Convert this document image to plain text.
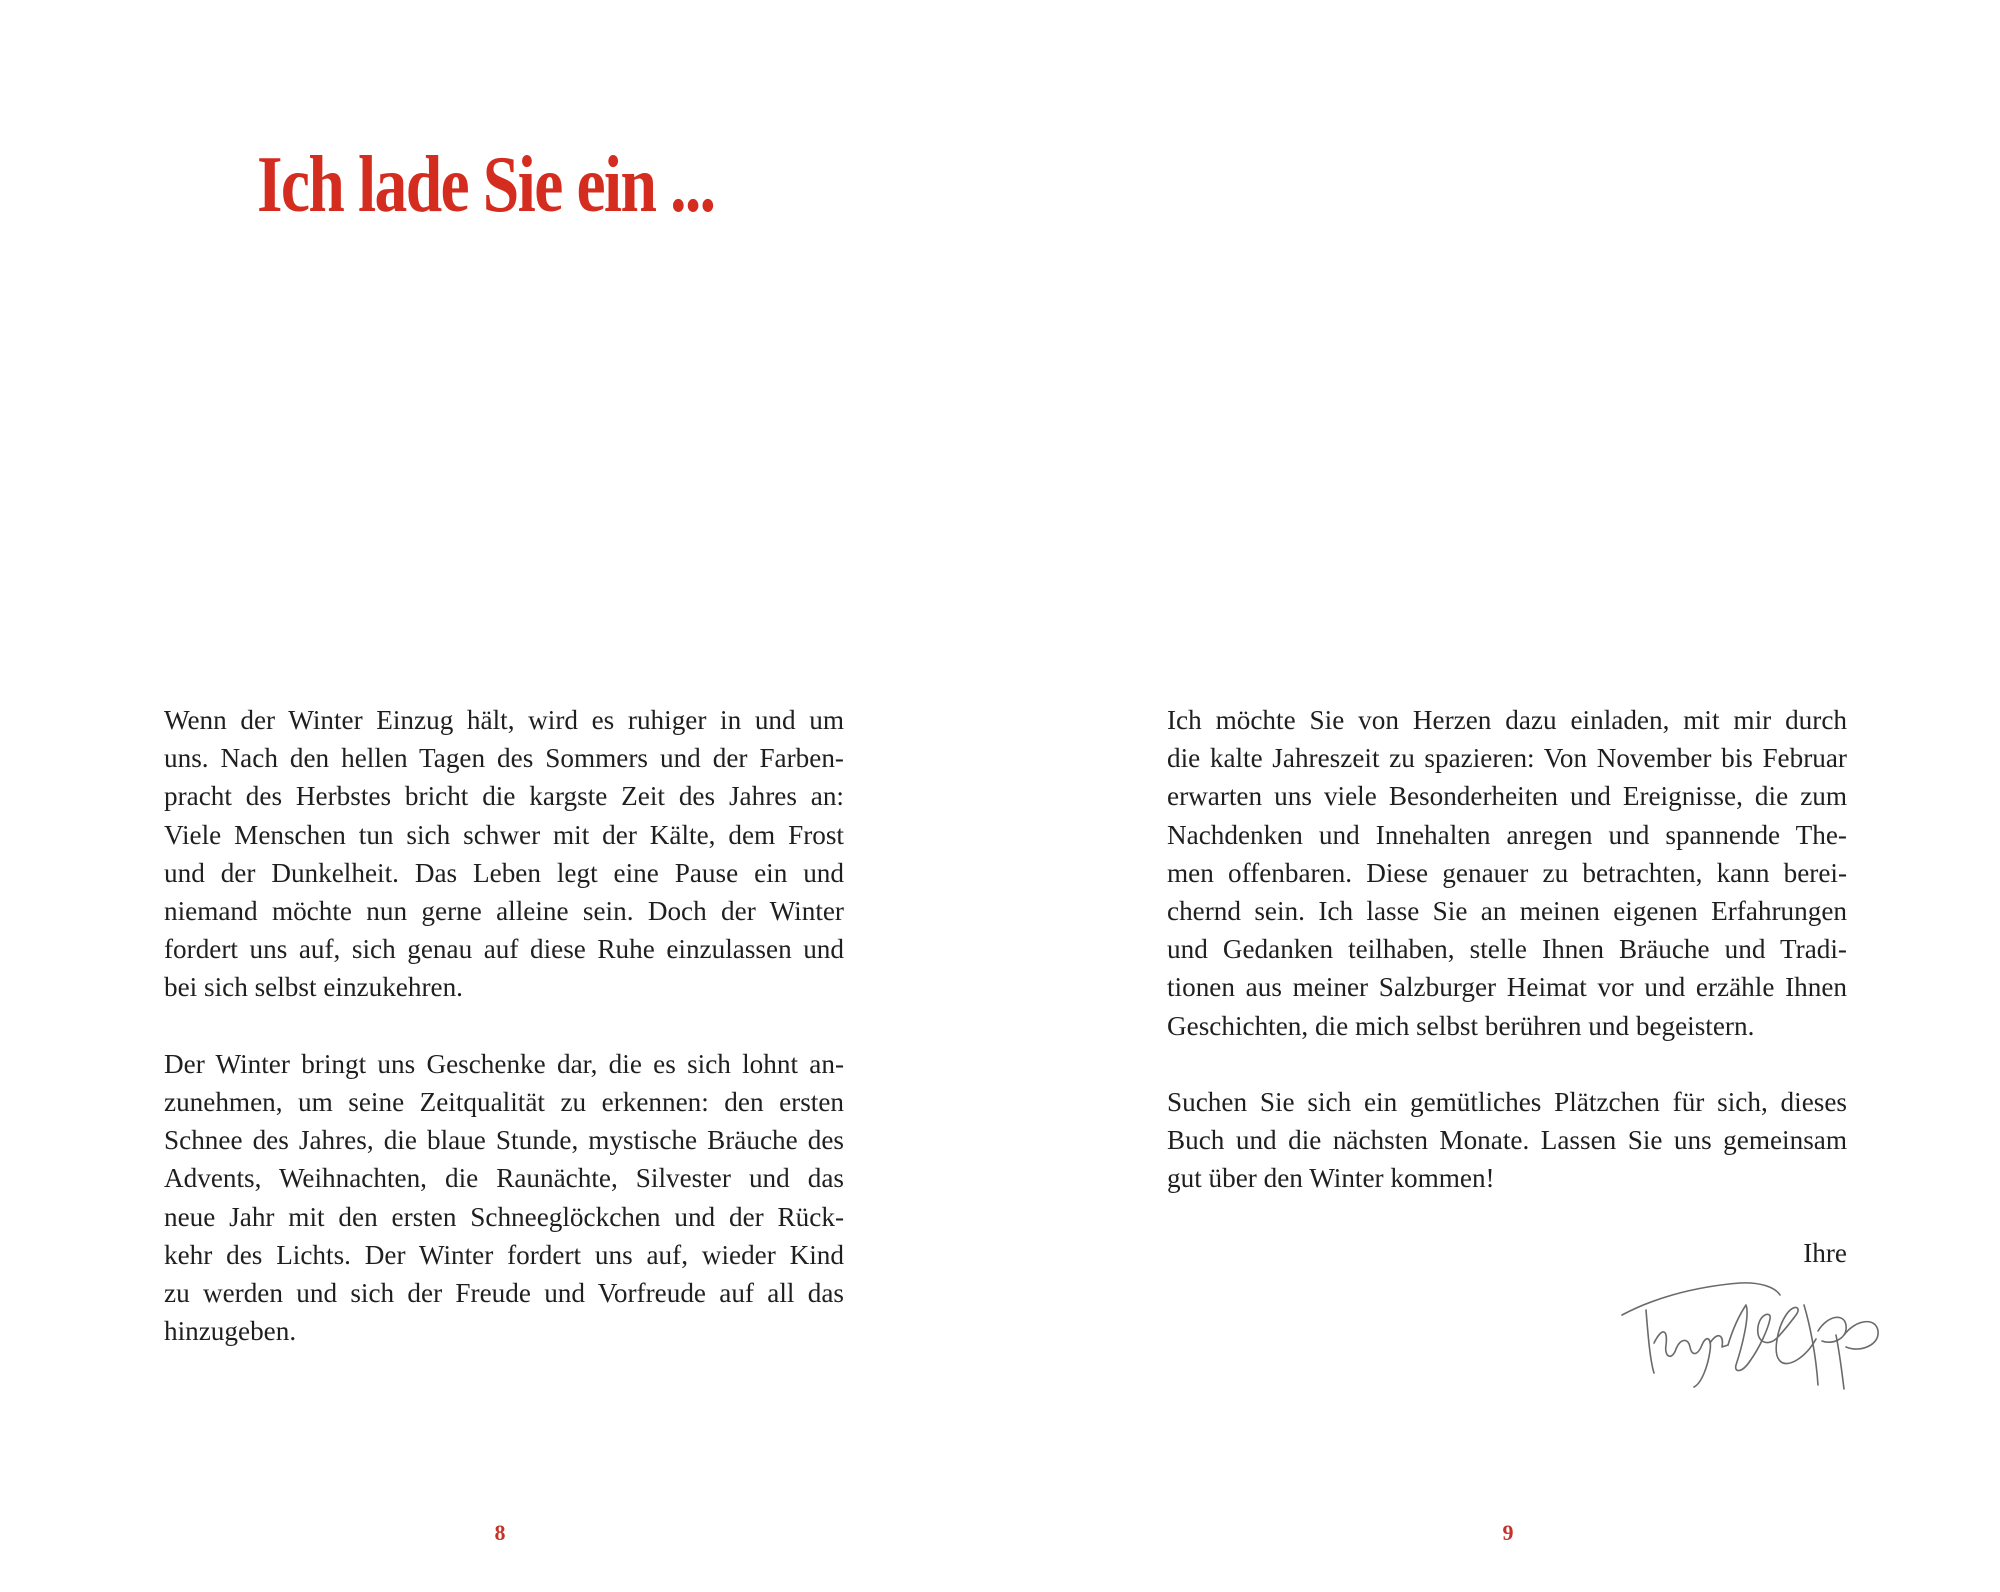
Ich lade Sie ein ...

Wenn der Winter Einzug hält, wird es ruhiger in und um
uns. Nach den hellen Tagen des Sommers und der Farben-
pracht des Herbstes bricht die kargste Zeit des Jahres an:
Viele Menschen tun sich schwer mit der Kälte, dem Frost
und der Dunkelheit. Das Leben legt eine Pause ein und
niemand möchte nun gerne alleine sein. Doch der Winter
fordert uns auf, sich genau auf diese Ruhe einzulassen und
bei sich selbst einzukehren.

Der Winter bringt uns Geschenke dar, die es sich lohnt an-
zunehmen, um seine Zeitqualität zu erkennen: den ersten
Schnee des Jahres, die blaue Stunde, mystische Bräuche des
Advents, Weihnachten, die Raunächte, Silvester und das
neue Jahr mit den ersten Schneeglöckchen und der Rück-
kehr des Lichts. Der Winter fordert uns auf, wieder Kind
zu werden und sich der Freude und Vorfreude auf all das
hinzugeben.

8

Ich möchte Sie von Herzen dazu einladen, mit mir durch
die kalte Jahreszeit zu spazieren: Von November bis Februar
erwarten uns viele Besonderheiten und Ereignisse, die zum
Nachdenken und Innehalten anregen und spannende The-
men offenbaren. Diese genauer zu betrachten, kann berei-
chernd sein. Ich lasse Sie an meinen eigenen Erfahrungen
und Gedanken teilhaben, stelle Ihnen Bräuche und Tradi-
tionen aus meiner Salzburger Heimat vor und erzähle Ihnen
Geschichten, die mich selbst berühren und begeistern.

Suchen Sie sich ein gemütliches Plätzchen für sich, dieses
Buch und die nächsten Monate. Lassen Sie uns gemeinsam
gut über den Winter kommen!

Ihre
9
